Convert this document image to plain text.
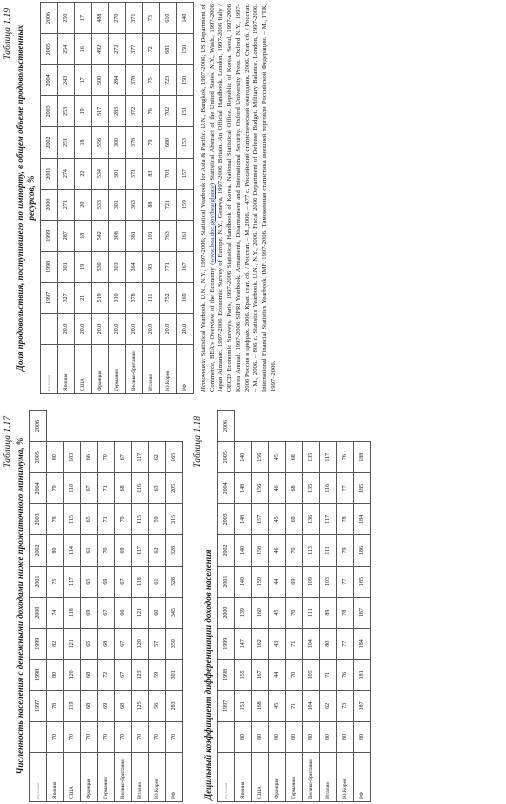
Таблица 1.17 Численность населения с денежными доходами ниже прожиточного минимума, %
Год Страна		1997	1998	1999	2000	2001	2002	2003	2004	2005	2006
Япония	70	78	80	82	74	75	80	78	79	80	
США	70	119	120	121	118	117	114	115	110	103	
Франция	70	68	68	65	69	65	61	65	67	66	
Германия	70	69	72	68	67	69	70	71	71	70	
Велико-британия	70	68	67	67	66	67	69	70	68	67	
Италия	70	125	123	120	121	118	117	115	116	117	
Ю.Корея	70	56	59	57	60	61	62	59	63	62	
РФ	70	283	301	350	345	328	328	315	205	165	Таблица 1.18
Децильный коэффициент дифференциации доходов населения	Год Страна		1997	1998	1999	2000	2001	2002	2003	2004	2005	2006
Япония	80	151	155	147	139	140	140	148	148	140	
США	80	168	167	162	160	159	158	157	156	156	
Франция	80	45	44	43	45	44	46	45	46	45	
Германия	80	71	70	71	70	69	70	69	68	68	
Велико-британия	80	104	105	104	111	109	113	136	135	135	
Италия	80	62	71	80	89	103	111	117	116	117	
Ю.Корея	80	73	76	77	78	77	79	78	77	76	
РФ	80	187	181	184	187	185	186	184	185	188	
Таблица 1.19 Доля продовольствия, поступившего по импорту, в общем объеме продовольственных ресурсов, %
Год Страна		1997	1998	1999	2000	2001	2002	2003	2004	2005	2006
Япония	20.0	327	301	287	271	274	251	253	243	254	250
США	20.0	21	19	18	20	22	18	19	17	16	17
Франция	20.0	519	530	542	533	534	556	517	500	492	488
Германия	20.0	310	303	308	301	301	300	283	284	272	270
Велико-британия	20.0	378	364	381	363	371	378	372	378	377	371
Италия	20.0	111	93	101	88	83	79	76	75	72	73
Ю.Корея	20.0	752	771	763	721	701	680	702	723	681	610
РФ	20.0	169	167	161	159	157	153	151	150	150	140
Источники: Statistical Yearbook. U.N., N.Y., 1997-2006; Statistical Yearbook for Asia & Pacific. U.N., Bangkok, 1997-2006; US Department of Commerce, BEA's Overview of the Economy (www.bea.doc.gov/bea/glance) Statistical Abstract of the United States. N.Y., Wash., 1997-2006 Japan Almanac. 1997-2006 Economic Survey of Europe. N.Y., Geneva, 1997-2006 Britain. An Official Handbook. London, 1997-2006 Italy / OECD Economic Surveys. Paris, 1997-2006 Statistical Handbook of Korea. National Statistical Office. Republic of Korea. Seoul, 1997-2006 Korea Annual. 1997-2006 SIPRI Yearbook. Armaments, Disarmament and International Security. Oxford University Press. Oxford N.Y., 1997-2006 Россия в цифрах. 2006. Крат. стат. сб. / Росстат. – М.,2006. – 477 с. Российский статистический ежегодник. 2006. Стат. сб. / Росстат. – М., 2006. – 806 с. Statistics Yearbook. U.N., N.Y., 2006. Fiscal 2006 Department of Defense Budget. Military Balance. London, 1997-2006. International Financial Statistics Yearbook. IMF. 1997-2006. Таможенная статистика внешней торговли Российской Федерации. – М., ГТК, 1997–2006.
